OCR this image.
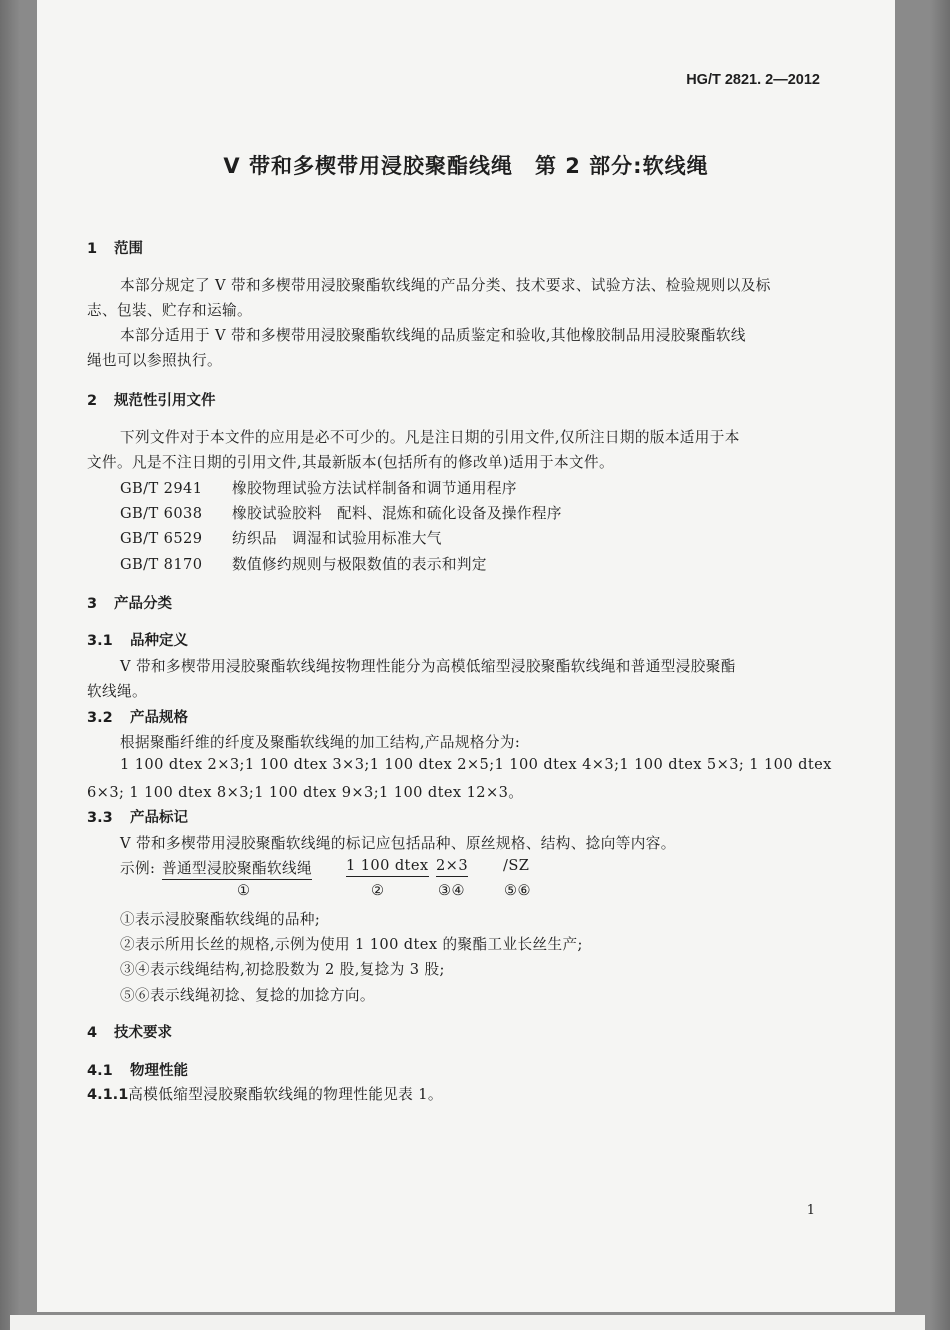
HG/T 2821. 2—2012
V 带和多楔带用浸胶聚酯线绳　第 2 部分:软线绳
1 范围
本部分规定了 V 带和多楔带用浸胶聚酯软线绳的产品分类、技术要求、试验方法、检验规则以及标
志、包装、贮存和运输。
本部分适用于 V 带和多楔带用浸胶聚酯软线绳的品质鉴定和验收,其他橡胶制品用浸胶聚酯软线
绳也可以参照执行。
2 规范性引用文件
下列文件对于本文件的应用是必不可少的。凡是注日期的引用文件,仅所注日期的版本适用于本
文件。凡是不注日期的引用文件,其最新版本(包括所有的修改单)适用于本文件。
GB/T 2941 橡胶物理试验方法试样制备和调节通用程序
GB/T 6038 橡胶试验胶料　配料、混炼和硫化设备及操作程序
GB/T 6529 纺织品　调湿和试验用标准大气
GB/T 8170 数值修约规则与极限数值的表示和判定
3 产品分类
3.1 品种定义
V 带和多楔带用浸胶聚酯软线绳按物理性能分为高模低缩型浸胶聚酯软线绳和普通型浸胶聚酯
软线绳。
3.2 产品规格
根据聚酯纤维的纤度及聚酯软线绳的加工结构,产品规格分为:
1 100 dtex 2×3;1 100 dtex 3×3;1 100 dtex 2×5;1 100 dtex 4×3;1 100 dtex 5×3; 1 100 dtex
6×3; 1 100 dtex 8×3;1 100 dtex 9×3;1 100 dtex 12×3。
3.3 产品标记
V 带和多楔带用浸胶聚酯软线绳的标记应包括品种、原丝规格、结构、捻向等内容。
示例: 普通型浸胶聚酯软线绳 1 100 dtex 2×3 /SZ
①	②	③④	⑤⑥
①表示浸胶聚酯软线绳的品种;
②表示所用长丝的规格,示例为使用 1 100 dtex 的聚酯工业长丝生产;
③④表示线绳结构,初捻股数为 2 股,复捻为 3 股;
⑤⑥表示线绳初捻、复捻的加捻方向。
4 技术要求
4.1 物理性能
4.1.1高模低缩型浸胶聚酯软线绳的物理性能见表 1。
1
